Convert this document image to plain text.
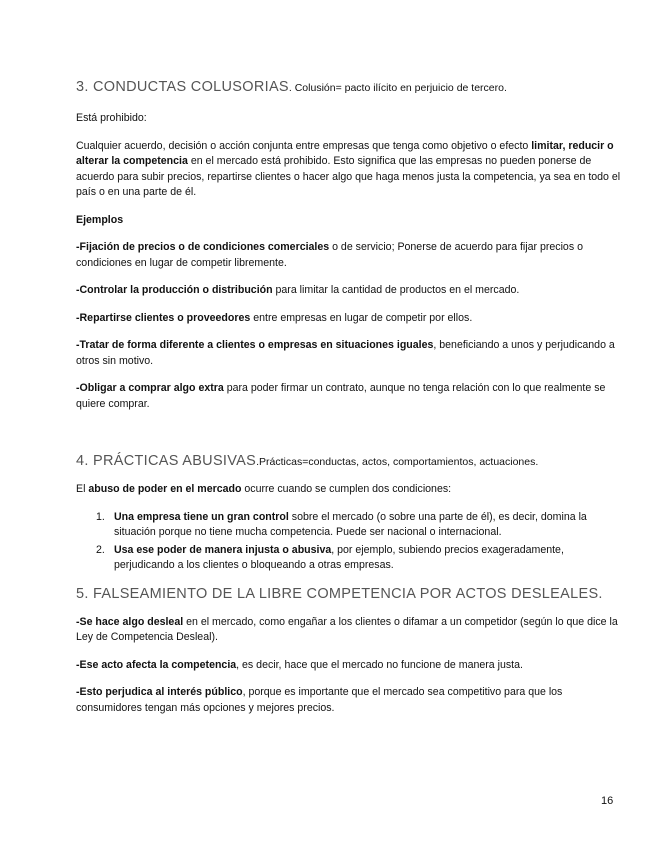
3. CONDUCTAS COLUSORIAS. Colusión= pacto ilícito en perjuicio de tercero.

Está prohibido:

Cualquier acuerdo, decisión o acción conjunta entre empresas que tenga como objetivo o efecto limitar, reducir o alterar la competencia en el mercado está prohibido. Esto significa que las empresas no pueden ponerse de acuerdo para subir precios, repartirse clientes o hacer algo que haga menos justa la competencia, ya sea en todo el país o en una parte de él.

Ejemplos

-Fijación de precios o de condiciones comerciales o de servicio; Ponerse de acuerdo para fijar precios o condiciones en lugar de competir libremente.

-Controlar la producción o distribución para limitar la cantidad de productos en el mercado.

-Repartirse clientes o proveedores entre empresas en lugar de competir por ellos.

-Tratar de forma diferente a clientes o empresas en situaciones iguales, beneficiando a unos y perjudicando a otros sin motivo.

-Obligar a comprar algo extra para poder firmar un contrato, aunque no tenga relación con lo que realmente se quiere comprar.

4. PRÁCTICAS ABUSIVAS.Prácticas=conductas, actos, comportamientos, actuaciones.

El abuso de poder en el mercado ocurre cuando se cumplen dos condiciones:

1. Una empresa tiene un gran control sobre el mercado (o sobre una parte de él), es decir, domina la situación porque no tiene mucha competencia. Puede ser nacional o internacional.
2. Usa ese poder de manera injusta o abusiva, por ejemplo, subiendo precios exageradamente, perjudicando a los clientes o bloqueando a otras empresas.
5. FALSEAMIENTO DE LA LIBRE COMPETENCIA POR ACTOS DESLEALES.

-Se hace algo desleal en el mercado, como engañar a los clientes o difamar a un competidor (según lo que dice la Ley de Competencia Desleal).

-Ese acto afecta la competencia, es decir, hace que el mercado no funcione de manera justa.

-Esto perjudica al interés público, porque es importante que el mercado sea competitivo para que los consumidores tengan más opciones y mejores precios.

16
